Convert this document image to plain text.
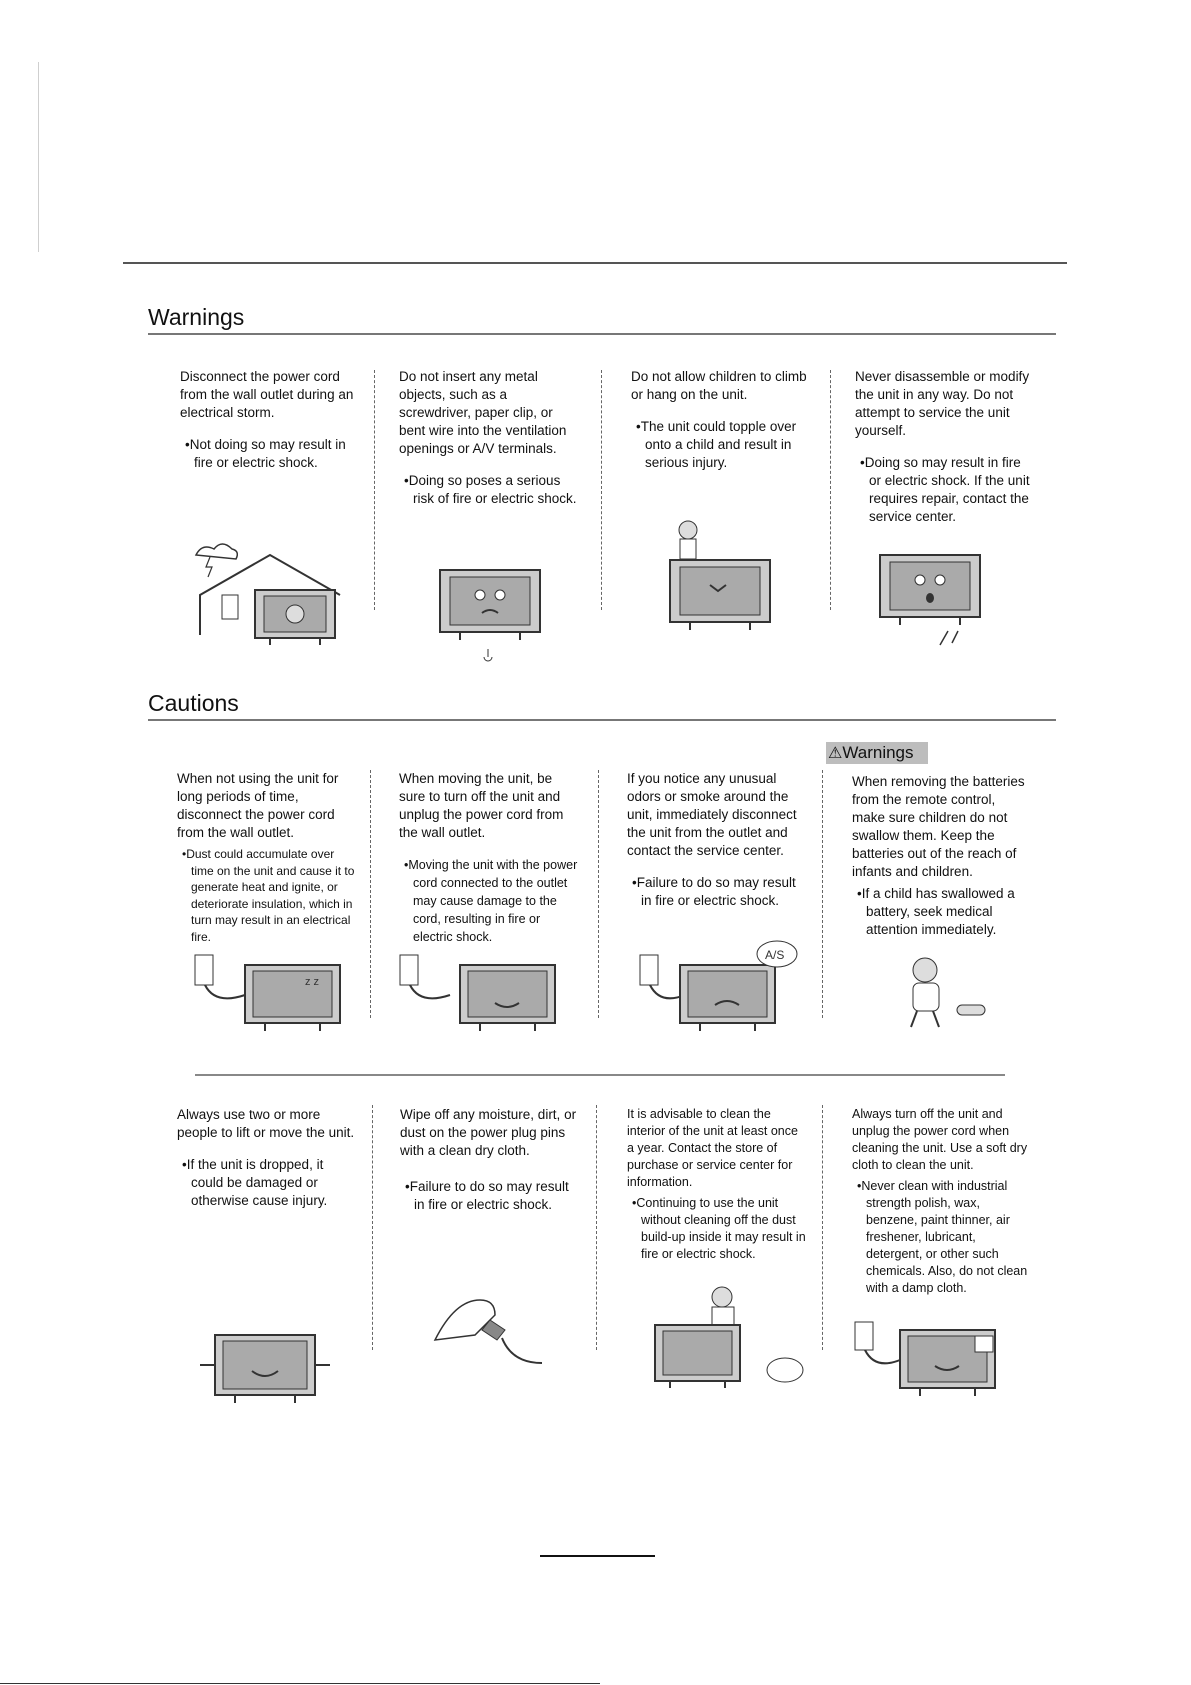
Warnings

Disconnect the power cord from the wall outlet during an electrical storm.

• Not doing so may result in fire or electric shock.

Do not insert any metal objects, such as a screwdriver, paper clip, or bent wire into the ventilation openings or A/V terminals.

• Doing so poses a serious risk of fire or electric shock.

Do not allow children to climb or hang on the unit.

• The unit could topple over onto a child and result in serious injury.

Never disassemble or modify the unit in any way. Do not attempt to service the unit yourself.

• Doing so may result in fire or electric shock. If the unit requires repair, contact the service center.

Cautions
⚠Warnings

When not using the unit for long periods of time, disconnect the power cord from the wall outlet.

• Dust could accumulate over time on the unit and cause it to generate heat and ignite, or deteriorate insulation, which in turn may result in an electrical fire.

When moving the unit, be sure to turn off the unit and unplug the power cord from the wall outlet.

• Moving the unit with the power cord connected to the outlet may cause damage to the cord, resulting in fire or electric shock.

If you notice any unusual odors or smoke around the unit, immediately disconnect the unit from the outlet and contact the service center.

• Failure to do so may result in fire or electric shock.

When removing the batteries from the remote control, make sure children do not swallow them. Keep the batteries out of the reach of infants and children.

• If a child has swallowed a battery, seek medical attention immediately.

z z
A/S

Always use two or more people to lift or move the unit.

• If the unit is dropped, it could be damaged or otherwise cause injury.

Wipe off any moisture, dirt, or dust on the power plug pins with a clean dry cloth.

• Failure to do so may result in fire or electric shock.

It is advisable to clean the interior of the unit at least once a year. Contact the store of purchase or service center for information.

• Continuing to use the unit without cleaning off the dust build-up inside it may result in fire or electric shock.

Always turn off the unit and unplug the power cord when cleaning the unit. Use a soft dry cloth to clean the unit.

• Never clean with industrial strength polish, wax, benzene, paint thinner, air freshener, lubricant, detergent, or other such chemicals. Also, do not clean with a damp cloth.
